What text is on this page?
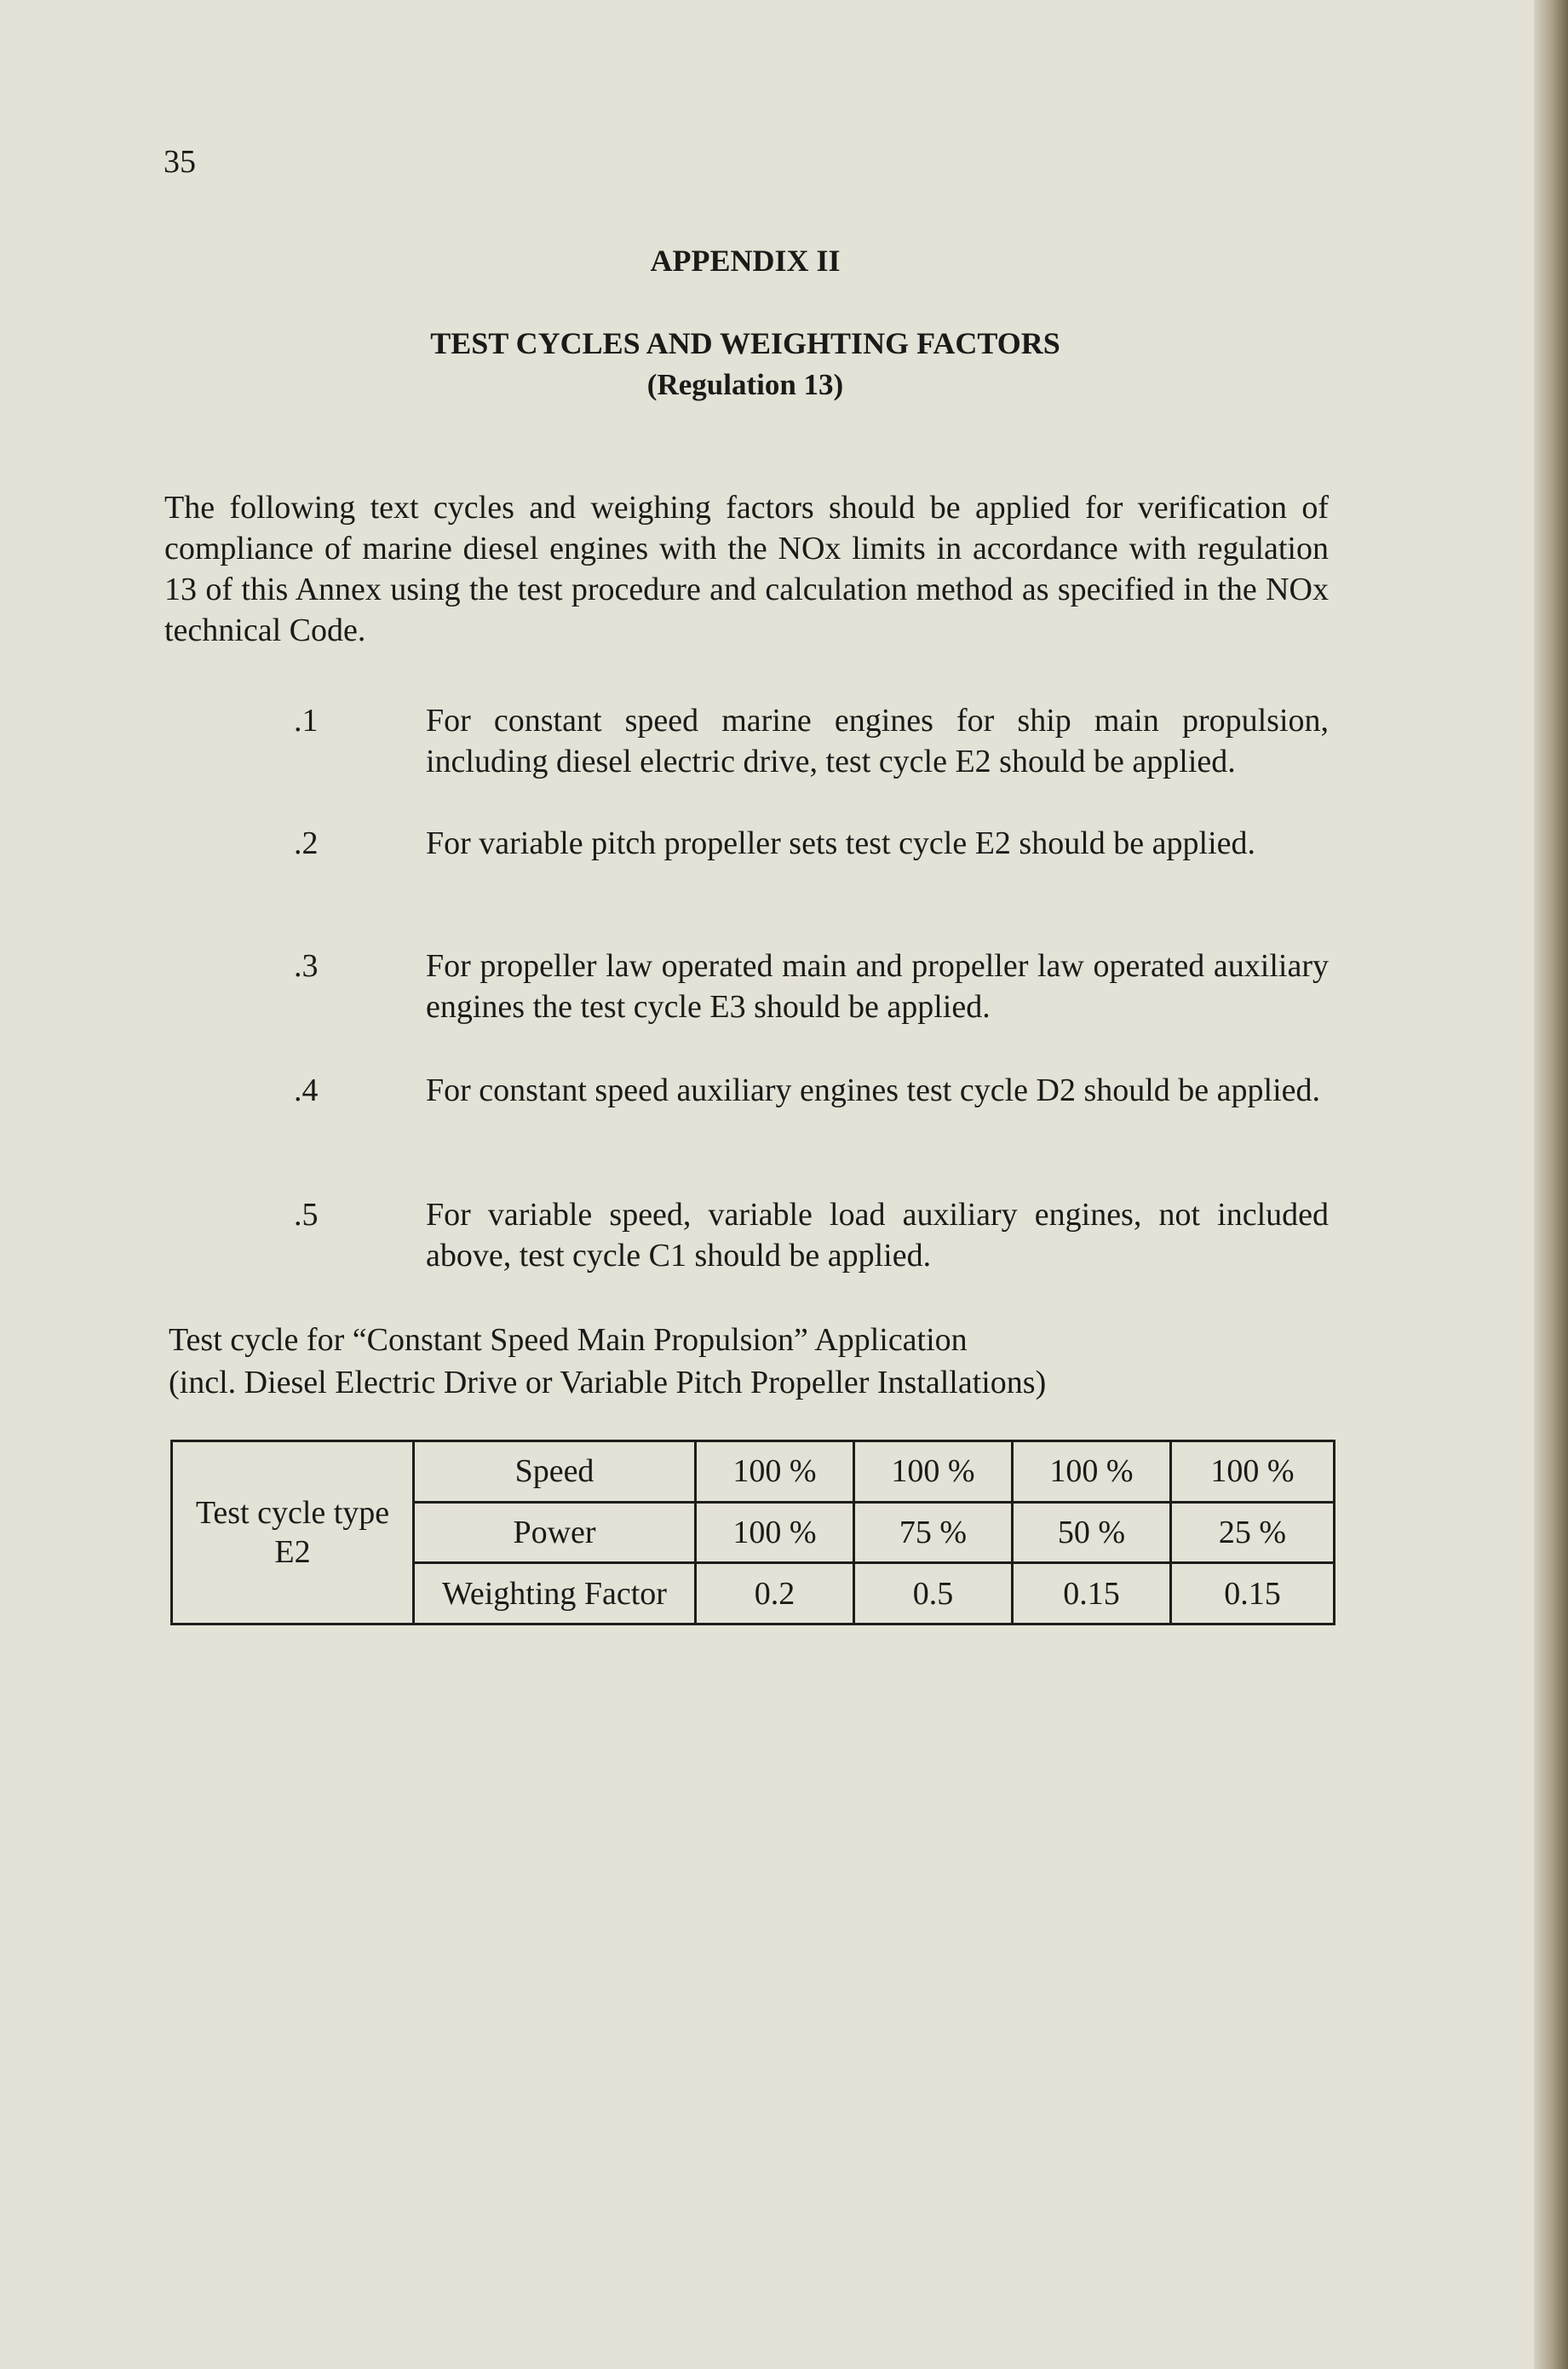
35
APPENDIX II
TEST CYCLES AND WEIGHTING FACTORS
(Regulation 13)
The following text cycles and weighing factors should be applied for verification of compliance of marine diesel engines with the NOx limits in accordance with regulation 13 of this Annex using the test procedure and calculation method as specified in the NOx technical Code.
.1	For constant speed marine engines for ship main propulsion, including diesel electric drive, test cycle E2 should be applied.
.2	For variable pitch propeller sets test cycle E2 should be applied.
.3	For propeller law operated main and propeller law operated auxiliary engines the test cycle E3 should be applied.
.4	For constant speed auxiliary engines test cycle D2 should be applied.
.5	For variable speed, variable load auxiliary engines, not included above, test cycle C1 should be applied.
Test cycle for “Constant Speed Main Propulsion” Application
(incl. Diesel Electric Drive or Variable Pitch Propeller Installations)
Test cycle type
E2	Speed	100 %	100 %	100 %	100 %
	Power	100 %	75 %	50 %	25 %
	Weighting Factor	0.2	0.5	0.15	0.15
